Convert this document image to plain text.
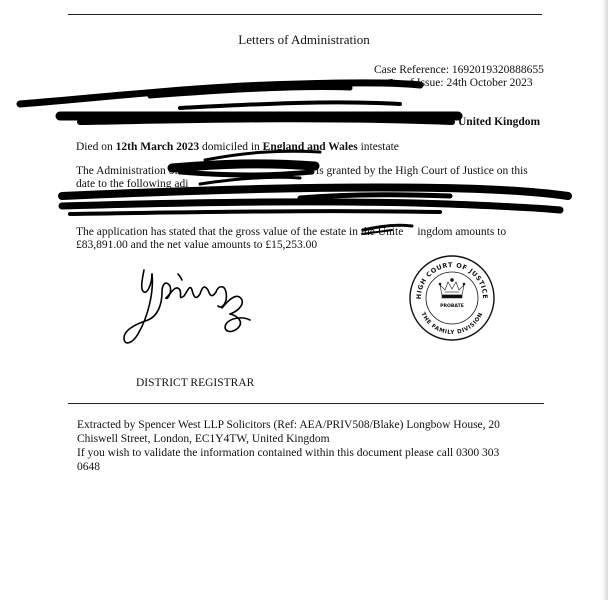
Letters of Administration
Case Reference: 1692019320888655
ate of Issue: 24th October 2023
United Kingdom
Died on 12th March 2023 domiciled in England and Wales intestate
The Administration of	is granted by the High Court of Justice on this
date to the following adi
The application has stated that the gross value of the estate in the Unite ingdom amounts to
£83,891.00 and the net value amounts to £15,253.00
HIGH COURT OF JUSTICE
THE FAMILY DIVISION
PROBATE
DISTRICT REGISTRAR
Extracted by Spencer West LLP Solicitors (Ref: AEA/PRIV508/Blake) Longbow House, 20
Chiswell Street, London, EC1Y4TW, United Kingdom
If you wish to validate the information contained within this document please call 0300 303
0648
